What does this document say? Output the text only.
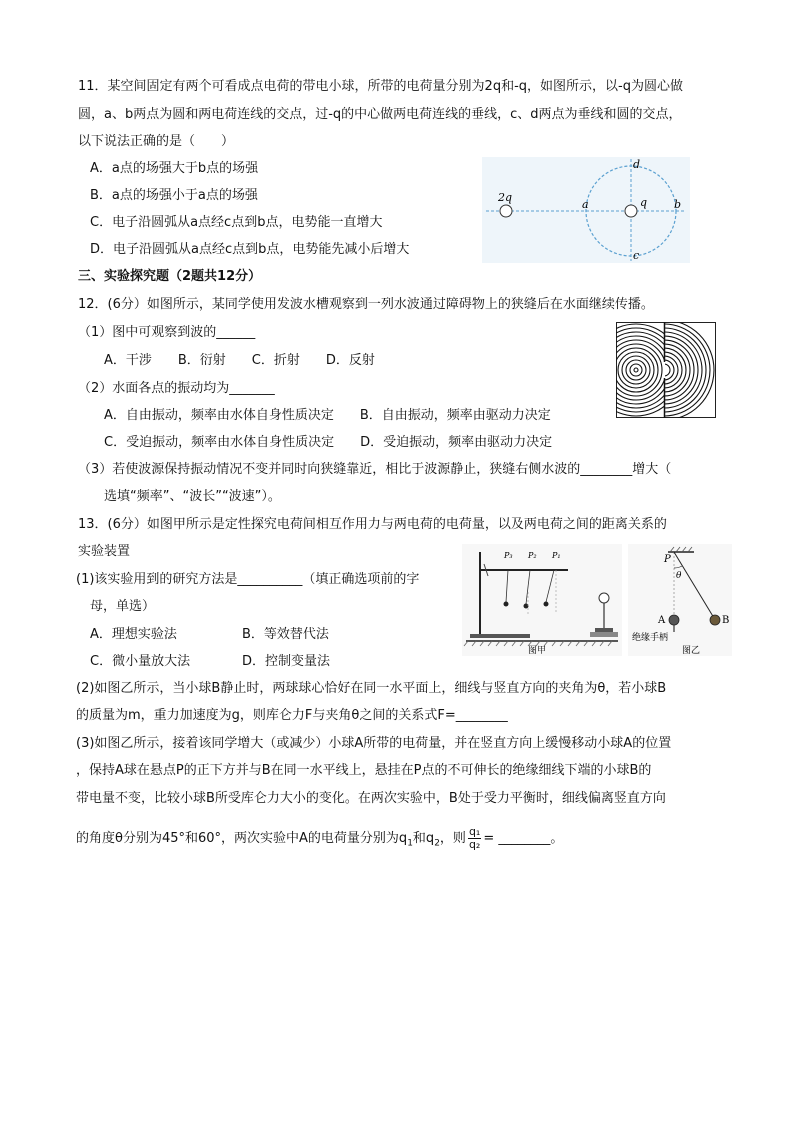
11．某空间固定有两个可看成点电荷的带电小球，所带的电荷量分别为2q和-q，如图所示，以-q为圆心做
圆，a、b两点为圆和两电荷连线的交点，过-q的中心做两电荷连线的垂线，c、d两点为垂线和圆的交点，
以下说法正确的是（　　）
A．a点的场强大于b点的场强
B．a点的场强小于a点的场强
C．电子沿圆弧从a点经c点到b点，电势能一直增大
D．电子沿圆弧从a点经c点到b点，电势能先减小后增大
2q	q
a	b
c
d
三、实验探究题（2题共12分）
12．(6分）如图所示，某同学使用发波水槽观察到一列水波通过障碍物上的狭缝后在水面继续传播。
（1）图中可观察到波的______
A．干涉　　B．衍射　　C．折射　　D．反射
（2）水面各点的振动均为_______
A．自由振动，频率由水体自身性质决定　　B．自由振动，频率由驱动力决定
C．受迫振动，频率由水体自身性质决定　　D．受迫振动，频率由驱动力决定
（3）若使波源保持振动情况不变并同时向狭缝靠近，相比于波源静止，狭缝右侧水波的________增大（
选填“频率”、“波长”“波速”）。
13．(6分）如图甲所示是定性探究电荷间相互作用力与两电荷的电荷量，以及两电荷之间的距离关系的
实验装置
(1)该实验用到的研究方法是__________（填正确选项前的字
母，单选）
A．理想实验法	B．等效替代法
C．微小量放大法	D．控制变量法
(2)如图乙所示，当小球B静止时，两球球心恰好在同一水平面上，细线与竖直方向的夹角为θ，若小球B
的质量为m，重力加速度为g，则库仑力F与夹角θ之间的关系式F=________
(3)如图乙所示，接着该同学增大（或减少）小球A所带的电荷量，并在竖直方向上缓慢移动小球A的位置
，保持A球在悬点P的正下方并与B在同一水平线上，悬挂在P点的不可伸长的绝缘细线下端的小球B的
带电量不变，比较小球B所受库仑力大小的变化。在两次实验中，B处于受力平衡时，细线偏离竖直方向
的角度θ分别为45°和60°，两次实验中A的电荷量分别为$q_1$和$q_2$，则 $\frac{\text{q₁}}{\text{q₂}}$ = ________。
P₃ P₂ P₁
图甲
P
θ
A	B
绝缘手柄
图乙
